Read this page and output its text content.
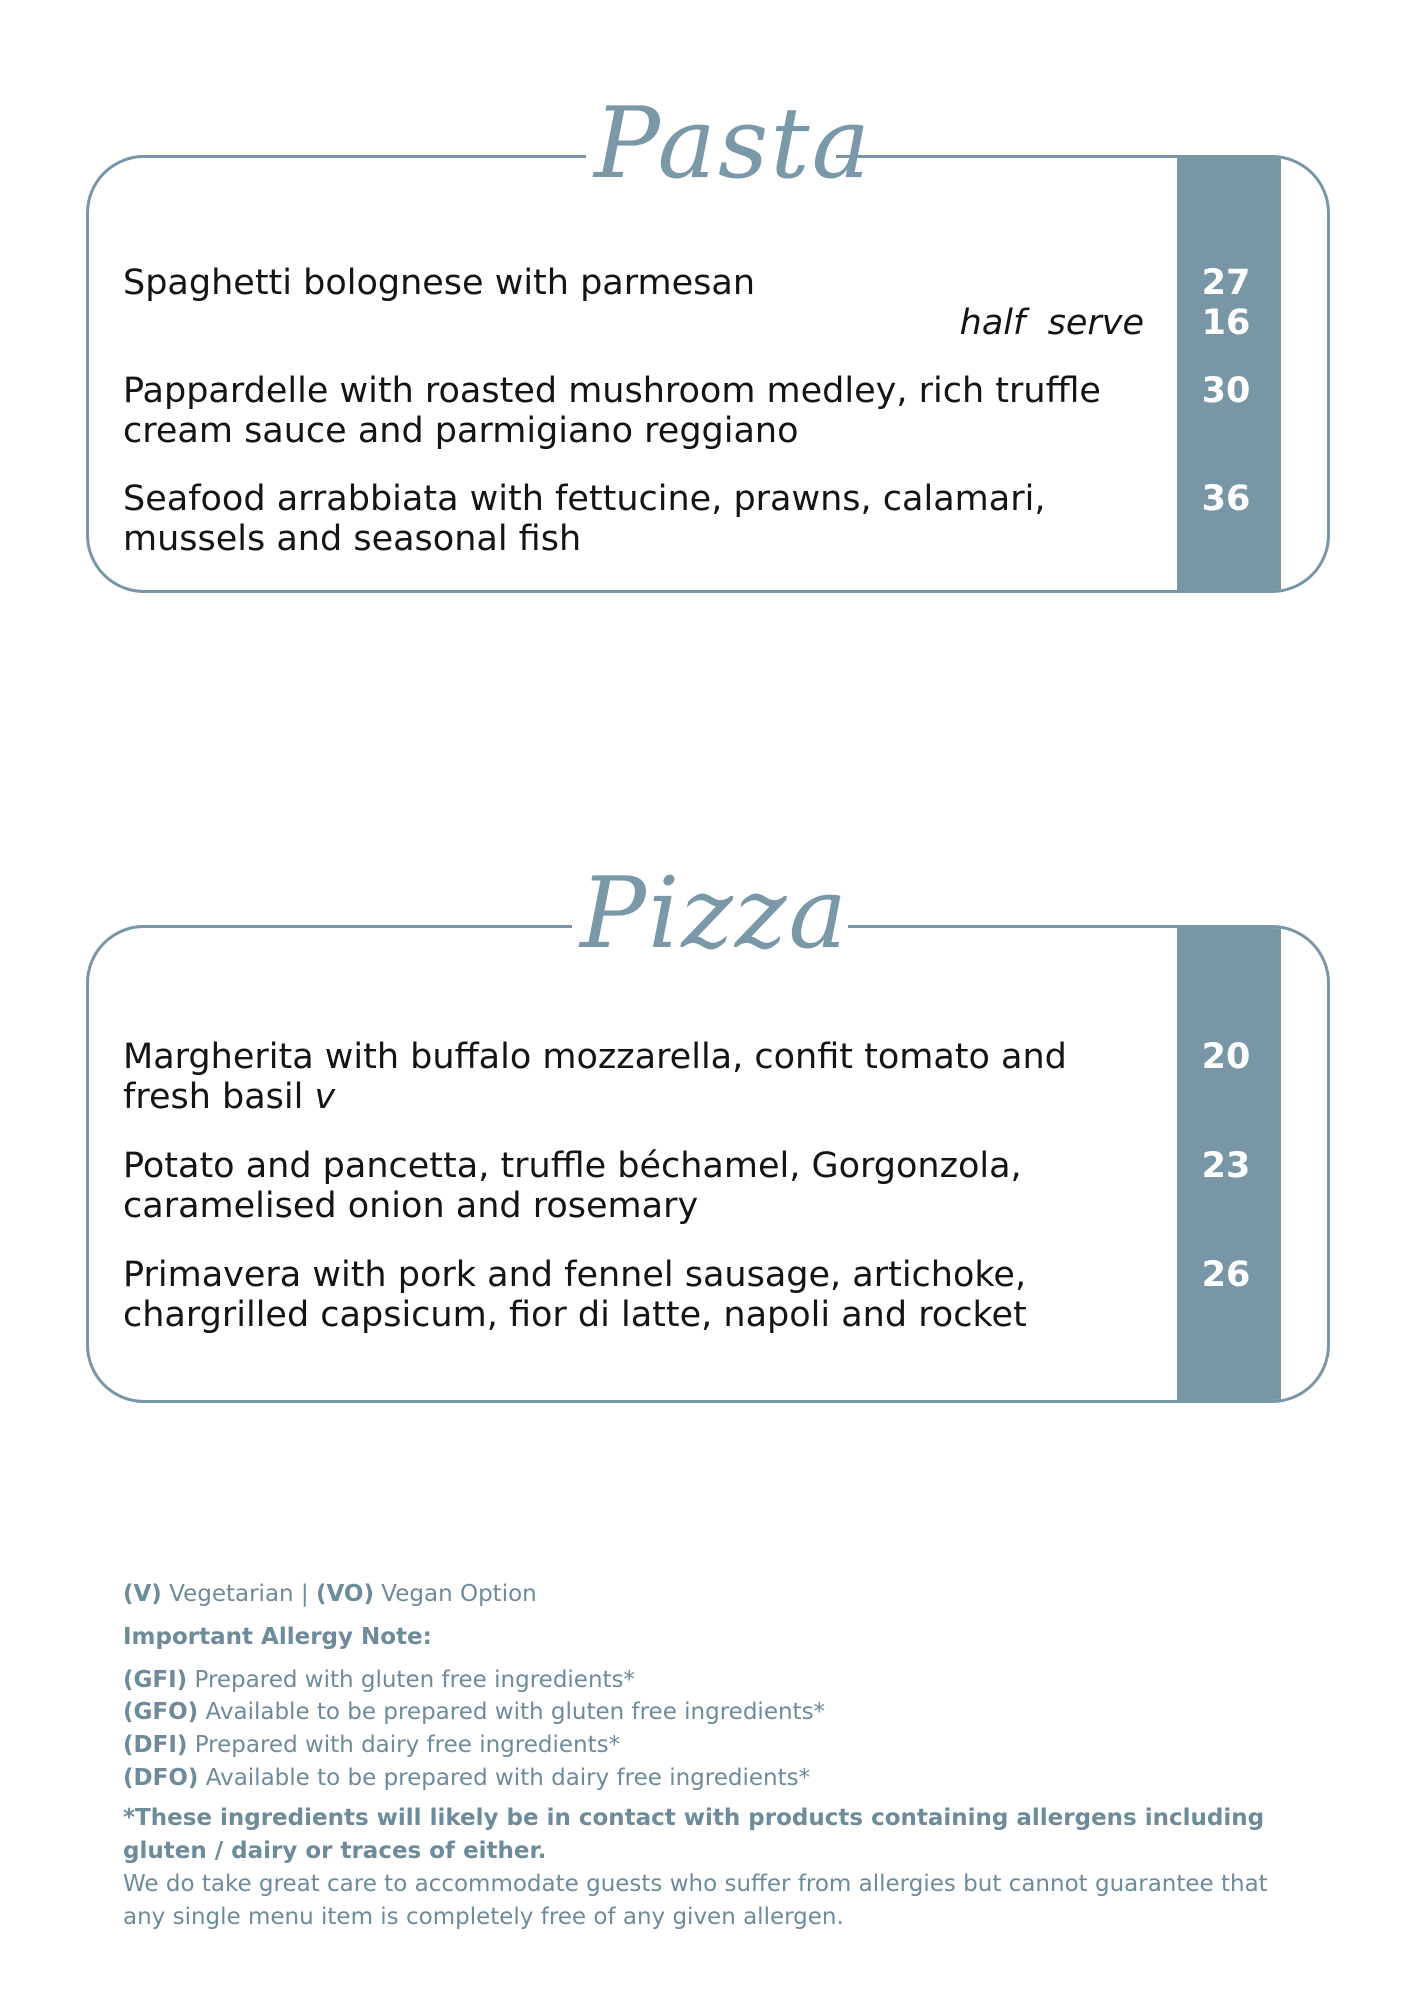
Pasta
Spaghetti bolognese with parmesan	27
half  serve	16
Pappardelle with roasted mushroom medley, rich truffle cream sauce and parmigiano reggiano
30
Seafood arrabbiata with fettucine, prawns, calamari, mussels and seasonal fish
36
Pizza
Margherita with buffalo mozzarella, confit tomato and fresh basil v
20
Potato and pancetta, truffle béchamel, Gorgonzola, caramelised onion and rosemary
23
Primavera with pork and fennel sausage, artichoke, chargrilled capsicum, fior di latte, napoli and rocket
26
(V) Vegetarian | (VO) Vegan Option
Important Allergy Note:
(GFI) Prepared with gluten free ingredients*
(GFO) Available to be prepared with gluten free ingredients*
(DFI) Prepared with dairy free ingredients*
(DFO) Available to be prepared with dairy free ingredients*
*These ingredients will likely be in contact with products containing allergens including gluten / dairy or traces of either.
We do take great care to accommodate guests who suffer from allergies but cannot guarantee that any single menu item is completely free of any given allergen.
